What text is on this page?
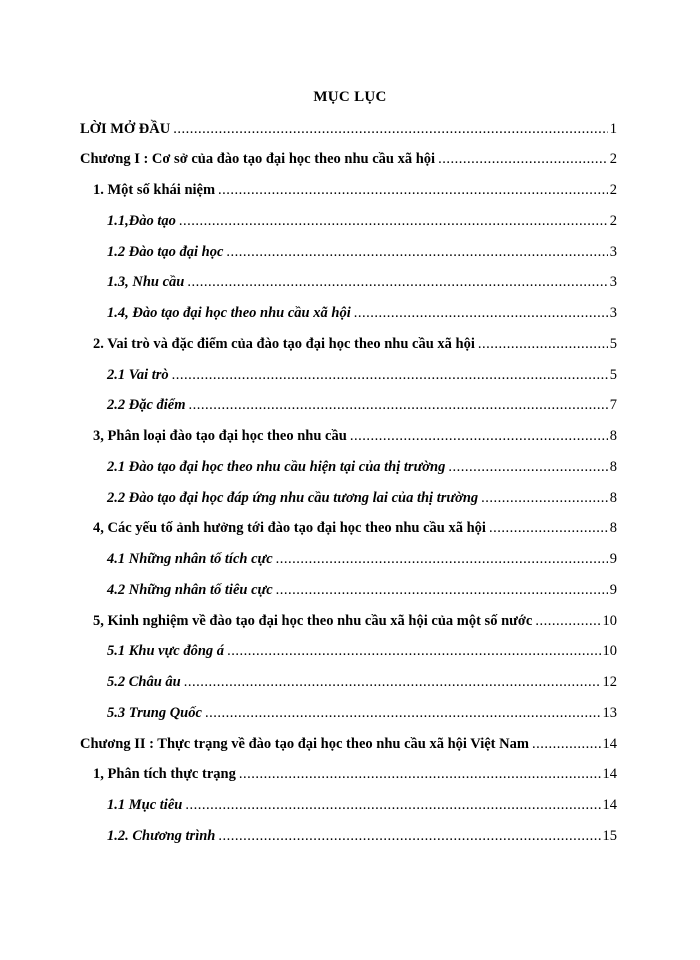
MỤC LỤC
LỜI MỞ ĐẦU .....	1
Chương I : Cơ sở của đào tạo đại học theo nhu cầu xã hội .....	2
1. Một số khái niệm .....	2
1.1,Đào tạo .....	2
1.2 Đào tạo đại học .....	3
1.3, Nhu cầu .....	3
1.4, Đào tạo đại học theo nhu cầu xã hội .....	3
2. Vai trò và đặc điểm của đào tạo đại học theo nhu cầu xã hội .....	5
2.1 Vai trò .....	5
2.2 Đặc điểm .....	7
3, Phân loại đào tạo đại học theo nhu cầu .....	8
2.1 Đào tạo đại học theo nhu cầu hiện tại của thị trường .....	8
2.2 Đào tạo đại học đáp ứng nhu cầu tương lai của thị trường .....	8
4, Các yếu tố ảnh hưởng tới đào tạo đại học theo nhu cầu xã hội .....	8
4.1 Những nhân tố tích cực .....	9
4.2 Những nhân tố tiêu cực .....	9
5, Kinh nghiệm về đào tạo đại học theo nhu cầu xã hội của một số nước .....	10
5.1 Khu vực đông á .....	10
5.2 Châu âu .....	12
5.3 Trung Quốc .....	13
Chương II : Thực trạng về đào tạo đại học theo nhu cầu xã hội Việt Nam .....	14
1, Phân tích thực trạng .....	14
1.1 Mục tiêu .....	14
1.2. Chương trình .....	15
